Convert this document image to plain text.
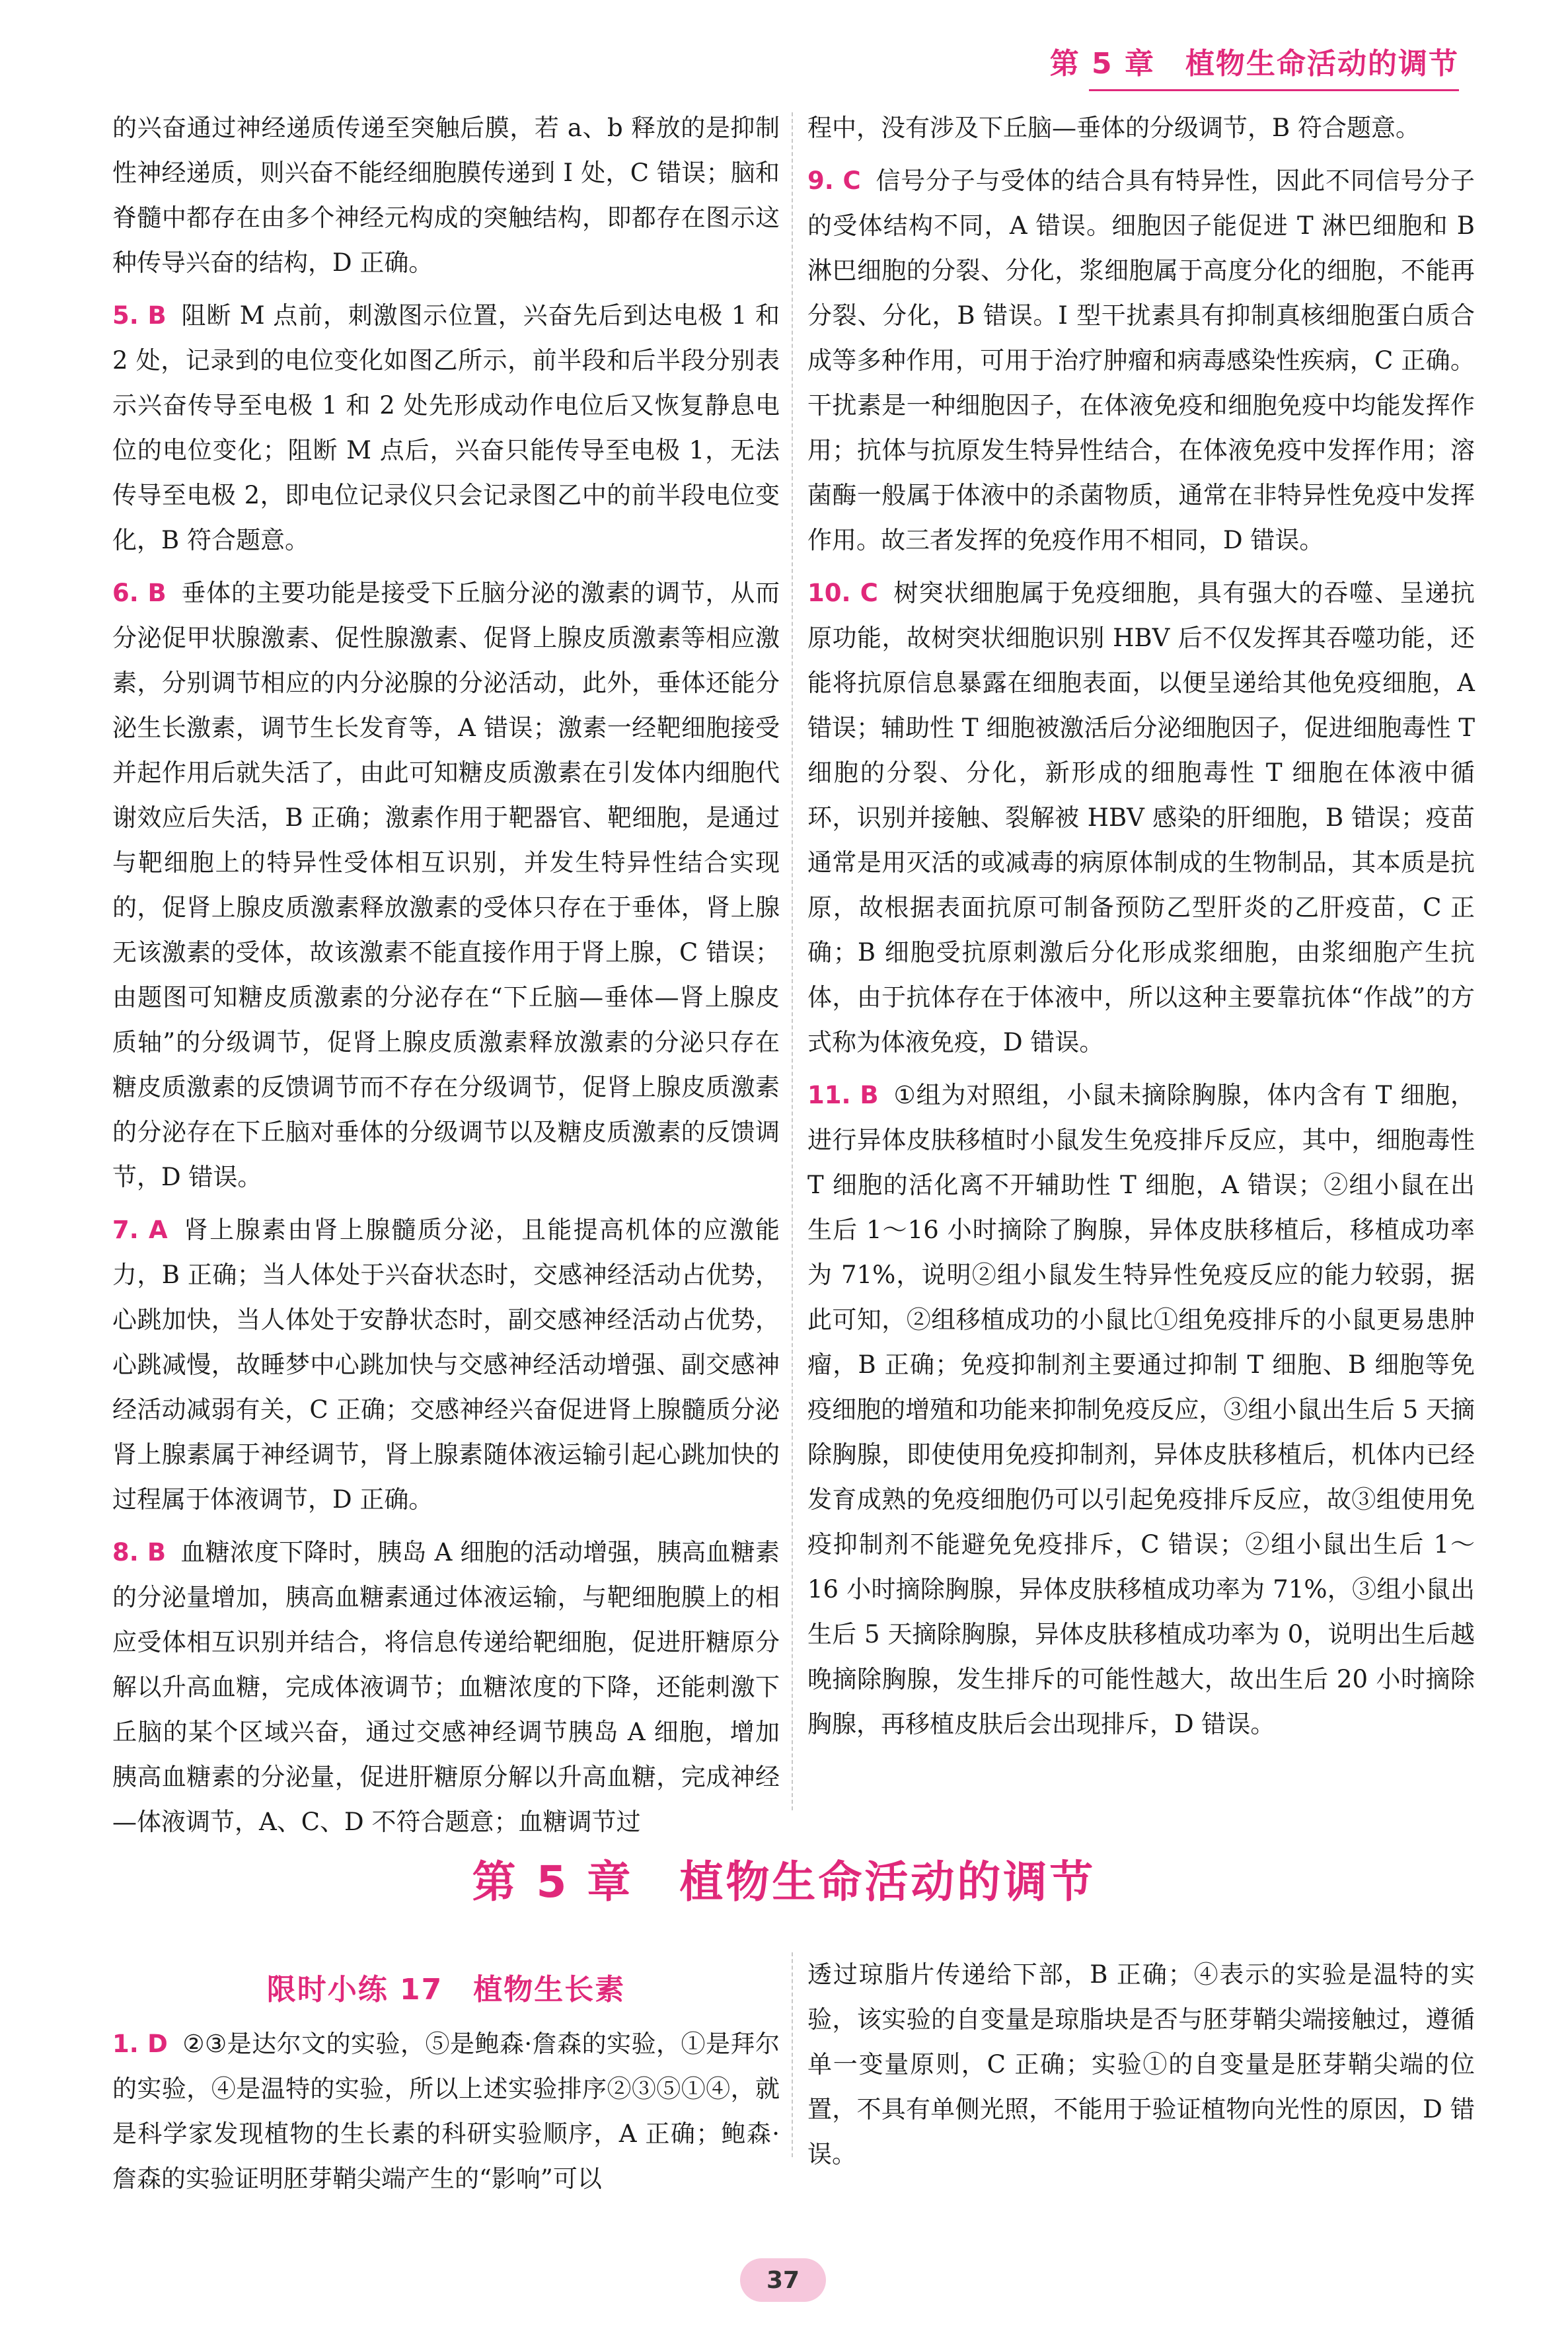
第 5 章　植物生命活动的调节

的兴奋通过神经递质传递至突触后膜，若 a、b 释放的是抑制性神经递质，则兴奋不能经细胞膜传递到 Ⅰ 处，C 错误；脑和脊髓中都存在由多个神经元构成的突触结构，即都存在图示这种传导兴奋的结构，D 正确。

5. B 阻断 M 点前，刺激图示位置，兴奋先后到达电极 1 和 2 处，记录到的电位变化如图乙所示，前半段和后半段分别表示兴奋传导至电极 1 和 2 处先形成动作电位后又恢复静息电位的电位变化；阻断 M 点后，兴奋只能传导至电极 1，无法传导至电极 2，即电位记录仪只会记录图乙中的前半段电位变化，B 符合题意。

6. B 垂体的主要功能是接受下丘脑分泌的激素的调节，从而分泌促甲状腺激素、促性腺激素、促肾上腺皮质激素等相应激素，分别调节相应的内分泌腺的分泌活动，此外，垂体还能分泌生长激素，调节生长发育等，A 错误；激素一经靶细胞接受并起作用后就失活了，由此可知糖皮质激素在引发体内细胞代谢效应后失活，B 正确；激素作用于靶器官、靶细胞，是通过与靶细胞上的特异性受体相互识别，并发生特异性结合实现的，促肾上腺皮质激素释放激素的受体只存在于垂体，肾上腺无该激素的受体，故该激素不能直接作用于肾上腺，C 错误；由题图可知糖皮质激素的分泌存在“下丘脑—垂体—肾上腺皮质轴”的分级调节，促肾上腺皮质激素释放激素的分泌只存在糖皮质激素的反馈调节而不存在分级调节，促肾上腺皮质激素的分泌存在下丘脑对垂体的分级调节以及糖皮质激素的反馈调节，D 错误。

7. A 肾上腺素由肾上腺髓质分泌，且能提高机体的应激能力，B 正确；当人体处于兴奋状态时，交感神经活动占优势，心跳加快，当人体处于安静状态时，副交感神经活动占优势，心跳减慢，故睡梦中心跳加快与交感神经活动增强、副交感神经活动减弱有关，C 正确；交感神经兴奋促进肾上腺髓质分泌肾上腺素属于神经调节，肾上腺素随体液运输引起心跳加快的过程属于体液调节，D 正确。

8. B 血糖浓度下降时，胰岛 A 细胞的活动增强，胰高血糖素的分泌量增加，胰高血糖素通过体液运输，与靶细胞膜上的相应受体相互识别并结合，将信息传递给靶细胞，促进肝糖原分解以升高血糖，完成体液调节；血糖浓度的下降，还能刺激下丘脑的某个区域兴奋，通过交感神经调节胰岛 A 细胞，增加胰高血糖素的分泌量，促进肝糖原分解以升高血糖，完成神经—体液调节，A、C、D 不符合题意；血糖调节过

程中，没有涉及下丘脑—垂体的分级调节，B 符合题意。

9. C 信号分子与受体的结合具有特异性，因此不同信号分子的受体结构不同，A 错误。细胞因子能促进 T 淋巴细胞和 B 淋巴细胞的分裂、分化，浆细胞属于高度分化的细胞，不能再分裂、分化，B 错误。Ⅰ 型干扰素具有抑制真核细胞蛋白质合成等多种作用，可用于治疗肿瘤和病毒感染性疾病，C 正确。干扰素是一种细胞因子，在体液免疫和细胞免疫中均能发挥作用；抗体与抗原发生特异性结合，在体液免疫中发挥作用；溶菌酶一般属于体液中的杀菌物质，通常在非特异性免疫中发挥作用。故三者发挥的免疫作用不相同，D 错误。

10. C 树突状细胞属于免疫细胞，具有强大的吞噬、呈递抗原功能，故树突状细胞识别 HBV 后不仅发挥其吞噬功能，还能将抗原信息暴露在细胞表面，以便呈递给其他免疫细胞，A 错误；辅助性 T 细胞被激活后分泌细胞因子，促进细胞毒性 T 细胞的分裂、分化，新形成的细胞毒性 T 细胞在体液中循环，识别并接触、裂解被 HBV 感染的肝细胞，B 错误；疫苗通常是用灭活的或减毒的病原体制成的生物制品，其本质是抗原，故根据表面抗原可制备预防乙型肝炎的乙肝疫苗，C 正确；B 细胞受抗原刺激后分化形成浆细胞，由浆细胞产生抗体，由于抗体存在于体液中，所以这种主要靠抗体“作战”的方式称为体液免疫，D 错误。

11. B ①组为对照组，小鼠未摘除胸腺，体内含有 T 细胞，进行异体皮肤移植时小鼠发生免疫排斥反应，其中，细胞毒性 T 细胞的活化离不开辅助性 T 细胞，A 错误；②组小鼠在出生后 1～16 小时摘除了胸腺，异体皮肤移植后，移植成功率为 71%，说明②组小鼠发生特异性免疫反应的能力较弱，据此可知，②组移植成功的小鼠比①组免疫排斥的小鼠更易患肿瘤，B 正确；免疫抑制剂主要通过抑制 T 细胞、B 细胞等免疫细胞的增殖和功能来抑制免疫反应，③组小鼠出生后 5 天摘除胸腺，即使使用免疫抑制剂，异体皮肤移植后，机体内已经发育成熟的免疫细胞仍可以引起免疫排斥反应，故③组使用免疫抑制剂不能避免免疫排斥，C 错误；②组小鼠出生后 1～16 小时摘除胸腺，异体皮肤移植成功率为 71%，③组小鼠出生后 5 天摘除胸腺，异体皮肤移植成功率为 0，说明出生后越晚摘除胸腺，发生排斥的可能性越大，故出生后 20 小时摘除胸腺，再移植皮肤后会出现排斥，D 错误。

第 5 章　植物生命活动的调节
限时小练 17　植物生长素

1. D ②③是达尔文的实验，⑤是鲍森·詹森的实验，①是拜尔的实验，④是温特的实验，所以上述实验排序②③⑤①④，就是科学家发现植物的生长素的科研实验顺序，A 正确；鲍森·詹森的实验证明胚芽鞘尖端产生的“影响”可以

透过琼脂片传递给下部，B 正确；④表示的实验是温特的实验，该实验的自变量是琼脂块是否与胚芽鞘尖端接触过，遵循单一变量原则，C 正确；实验①的自变量是胚芽鞘尖端的位置，不具有单侧光照，不能用于验证植物向光性的原因，D 错误。

37
